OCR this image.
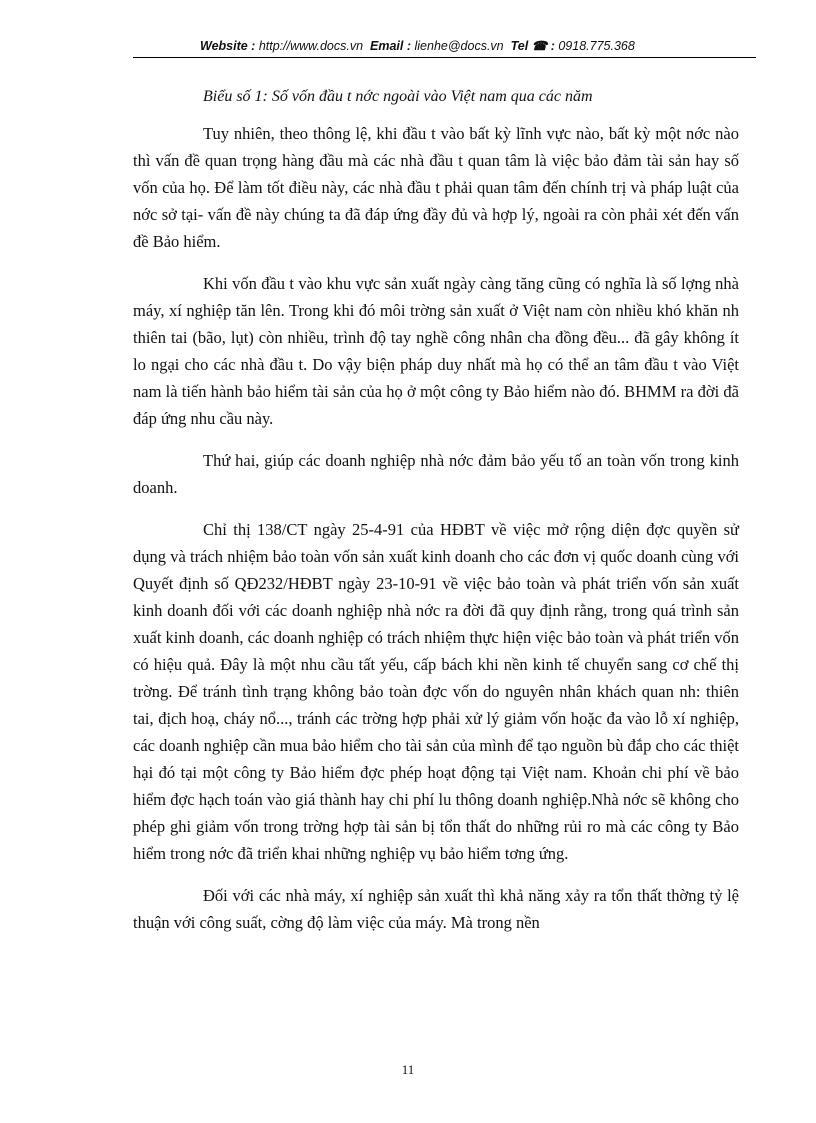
Website : http://www.docs.vn Email : lienhe@docs.vn Tel ☎ : 0918.775.368
Biểu số 1: Số vốn đầu t nớc ngoài vào Việt nam qua các năm

Tuy nhiên, theo thông lệ, khi đầu t vào bất kỳ lĩnh vực nào, bất kỳ một nớc nào thì vấn đề quan trọng hàng đầu mà các nhà đầu t quan tâm là việc bảo đảm tài sản hay số vốn của họ. Để làm tốt điều này, các nhà đầu t phải quan tâm đến chính trị và pháp luật của nớc sở tại- vấn đề này chúng ta đã đáp ứng đầy đủ và hợp lý, ngoài ra còn phải xét đến vấn đề Bảo hiểm.

Khi vốn đầu t vào khu vực sản xuất ngày càng tăng cũng có nghĩa là số lợng nhà máy, xí nghiệp tăn lên. Trong khi đó môi trờng sản xuất ở Việt nam còn nhiều khó khăn nh thiên tai (bão, lụt) còn nhiều, trình độ tay nghề công nhân cha đồng đều... đã gây không ít lo ngại cho các nhà đầu t. Do vậy biện pháp duy nhất mà họ có thể an tâm đầu t vào Việt nam là tiến hành bảo hiểm tài sản của họ ở một công ty Bảo hiểm nào đó. BHMM ra đời đã đáp ứng nhu cầu này.

Thứ hai, giúp các doanh nghiệp nhà nớc đảm bảo yếu tố an toàn vốn trong kinh doanh.

Chỉ thị 138/CT ngày 25-4-91 của HĐBT về việc mở rộng diện đợc quyền sử dụng và trách nhiệm bảo toàn vốn sản xuất kinh doanh cho các đơn vị quốc doanh cùng với Quyết định số QĐ232/HĐBT ngày 23-10-91 về việc bảo toàn và phát triển vốn sản xuất kinh doanh đối với các doanh nghiệp nhà nớc ra đời đã quy định rằng, trong quá trình sản xuất kinh doanh, các doanh nghiệp có trách nhiệm thực hiện việc bảo toàn và phát triển vốn có hiệu quả. Đây là một nhu cầu tất yếu, cấp bách khi nền kinh tế chuyển sang cơ chế thị trờng. Để tránh tình trạng không bảo toàn đợc vốn do nguyên nhân khách quan nh: thiên tai, địch hoạ, cháy nổ..., tránh các trờng hợp phải xử lý giảm vốn hoặc đa vào lỗ xí nghiệp, các doanh nghiệp cần mua bảo hiểm cho tài sản của mình để tạo nguồn bù đắp cho các thiệt hại đó tại một công ty Bảo hiểm đợc phép hoạt động tại Việt nam. Khoản chi phí về bảo hiểm đợc hạch toán vào giá thành hay chi phí lu thông doanh nghiệp.Nhà nớc sẽ không cho phép ghi giảm vốn trong trờng hợp tài sản bị tổn thất do những rủi ro mà các công ty Bảo hiểm trong nớc đã triển khai những nghiệp vụ bảo hiểm tơng ứng.

Đối với các nhà máy, xí nghiệp sản xuất thì khả năng xảy ra tổn thất thờng tỷ lệ thuận với công suất, cờng độ làm việc của máy. Mà trong nền

11
